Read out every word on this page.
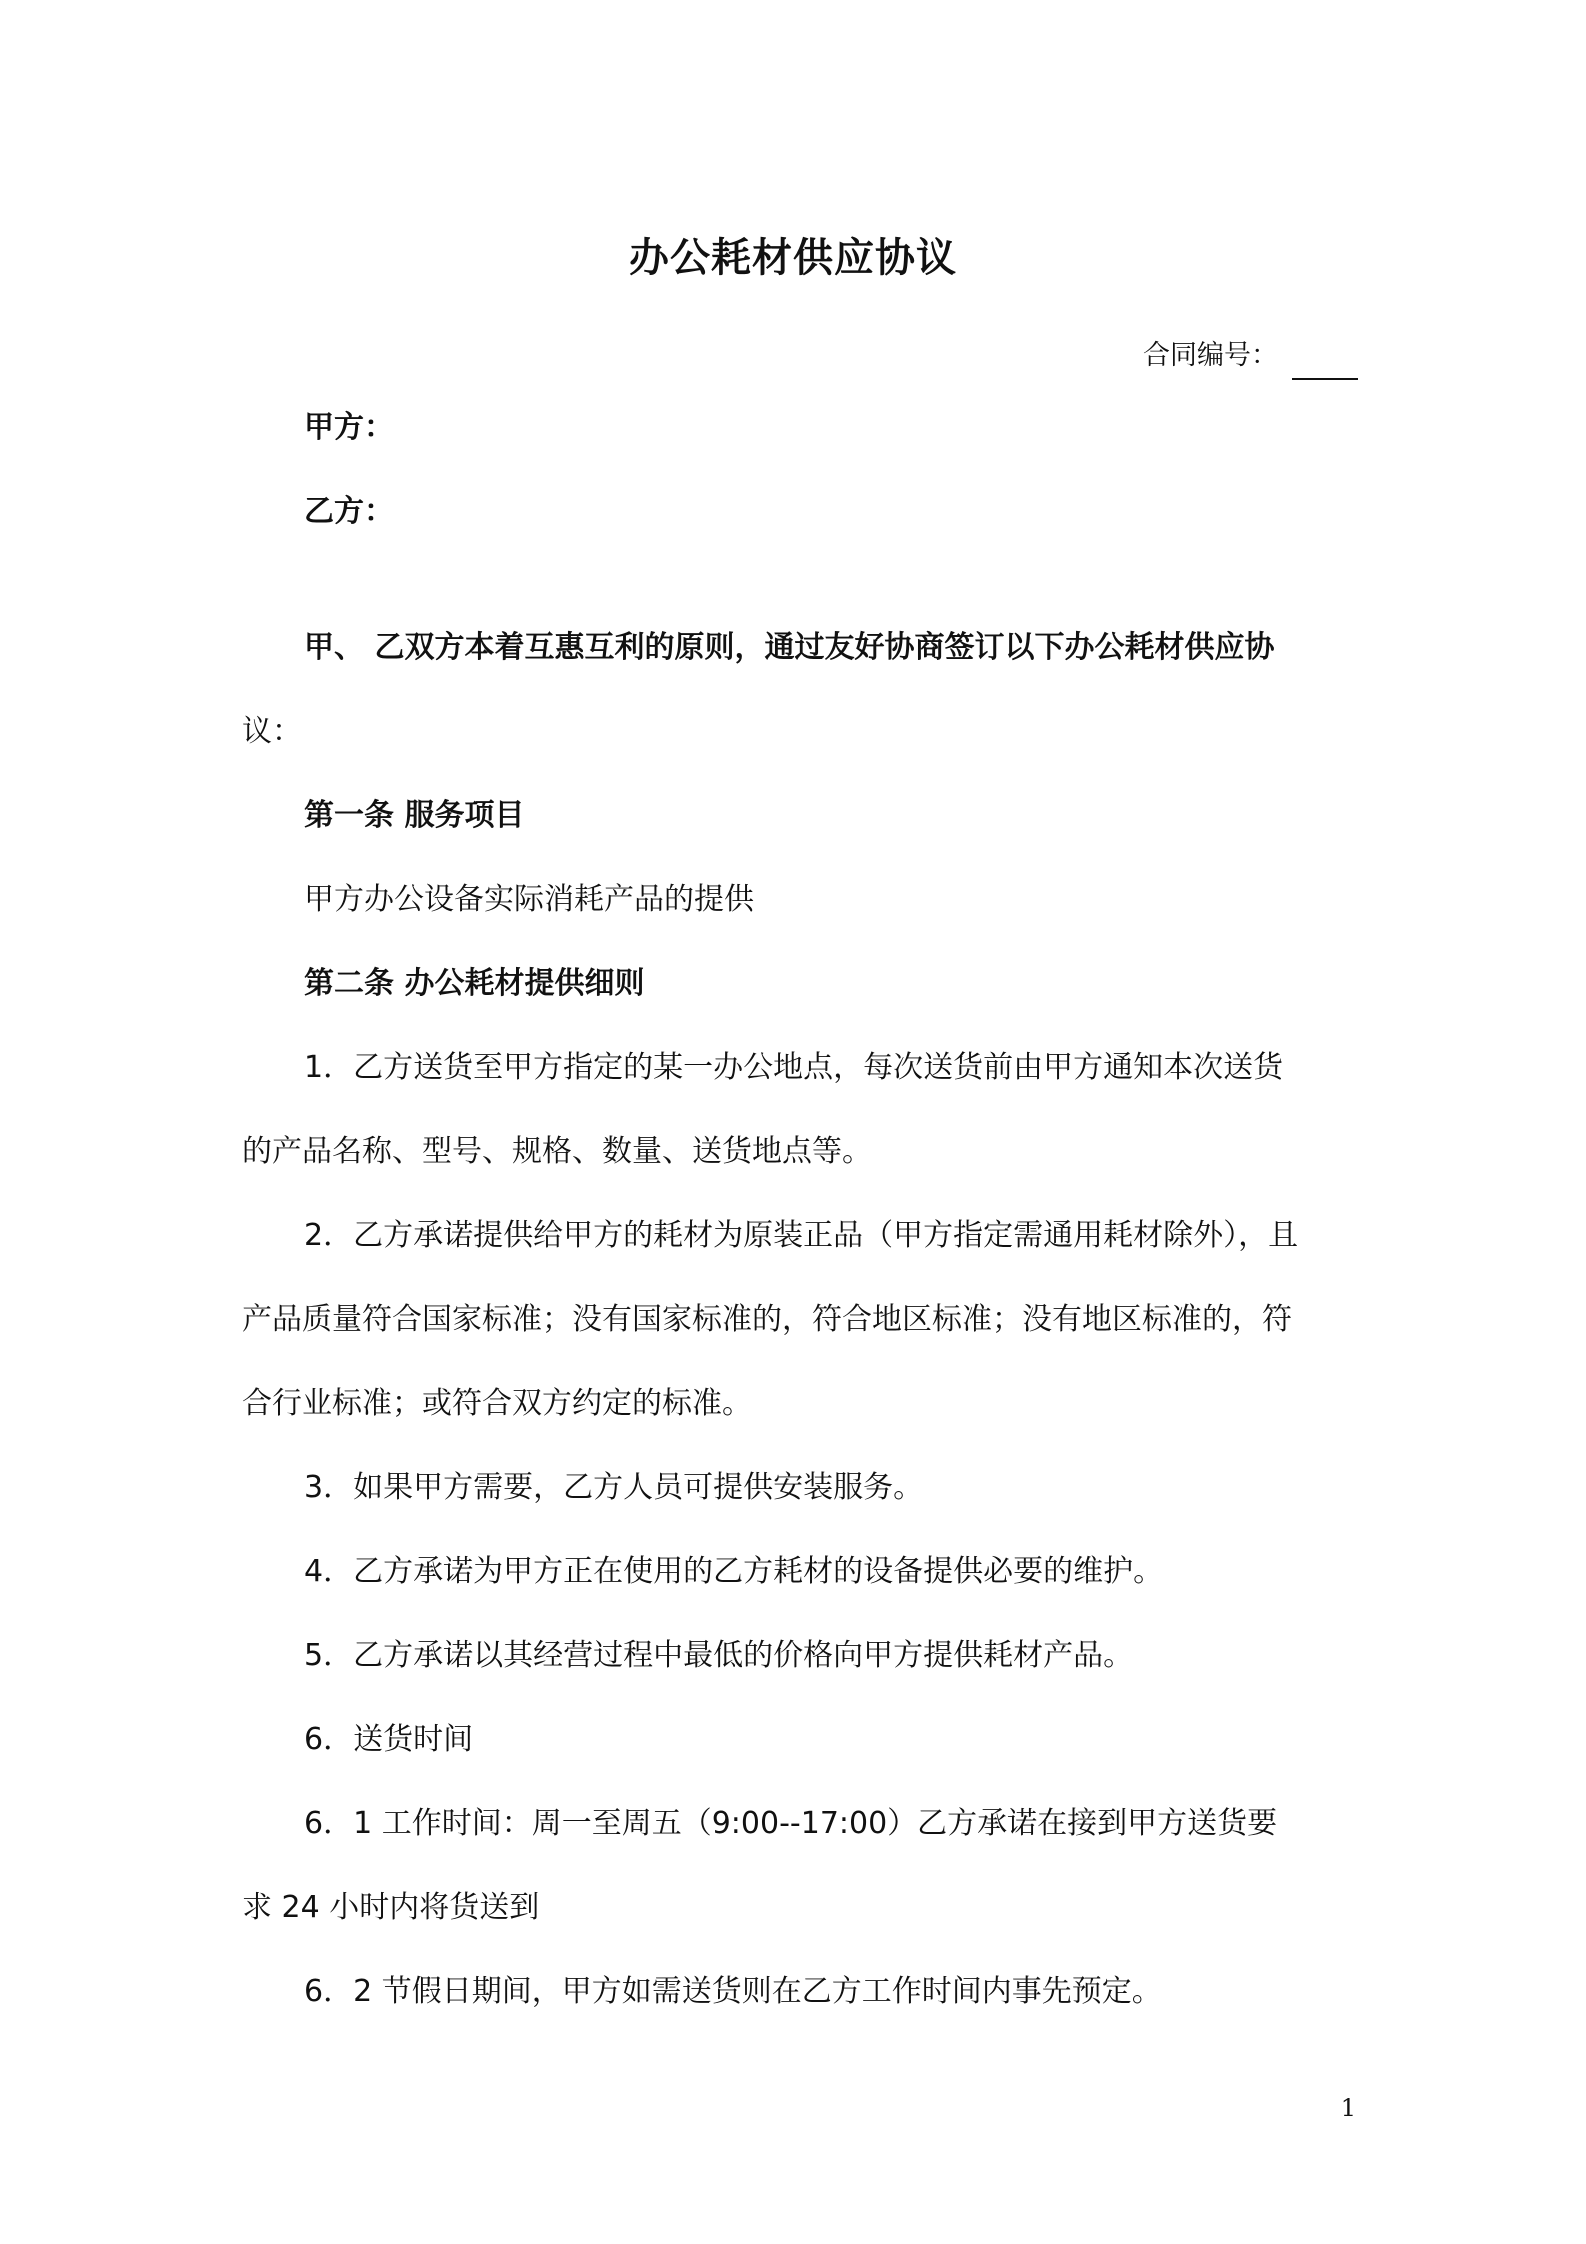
办公耗材供应协议
合同编号：
甲方：
乙方：
甲、 乙双方本着互惠互利的原则，通过友好协商签订以下办公耗材供应协
议：
第一条 服务项目
甲方办公设备实际消耗产品的提供
第二条 办公耗材提供细则
1．乙方送货至甲方指定的某一办公地点，每次送货前由甲方通知本次送货
的产品名称、型号、规格、数量、送货地点等。
2．乙方承诺提供给甲方的耗材为原装正品（甲方指定需通用耗材除外），且
产品质量符合国家标准；没有国家标准的，符合地区标准；没有地区标准的，符
合行业标准；或符合双方约定的标准。
3．如果甲方需要，乙方人员可提供安装服务。
4．乙方承诺为甲方正在使用的乙方耗材的设备提供必要的维护。
5．乙方承诺以其经营过程中最低的价格向甲方提供耗材产品。
6．送货时间
6．1 工作时间：周一至周五（9:00--17:00）乙方承诺在接到甲方送货要
求 24 小时内将货送到
6．2 节假日期间，甲方如需送货则在乙方工作时间内事先预定。
1
